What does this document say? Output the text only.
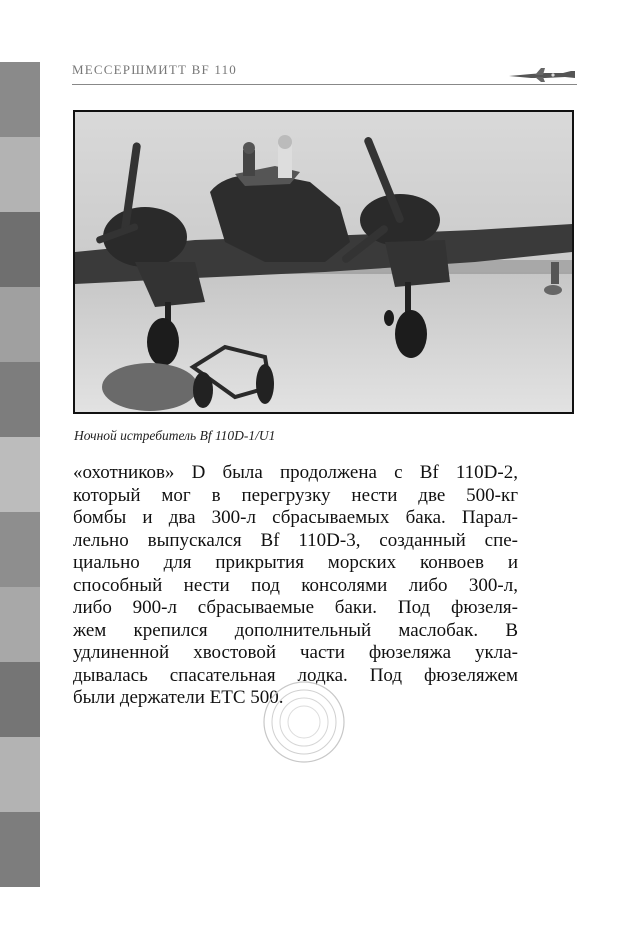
МЕССЕРШМИТТ BF 110
Ночной истребитель Bf 110D-1/U1
«охотников» D была продолжена с Bf 110D-2,
который мог в перегрузку нести две 500-кг
бомбы и два 300-л сбрасываемых бака. Парал-
лельно выпускался Bf 110D-3, созданный спе-
циально для прикрытия морских конвоев и
способный нести под консолями либо 300-л,
либо 900-л сбрасываемые баки. Под фюзеля-
жем крепился дополнительный маслобак. В
удлиненной хвостовой части фюзеляжа укла-
дывалась спасательная лодка. Под фюзеляжем
были держатели ЕТС 500.
